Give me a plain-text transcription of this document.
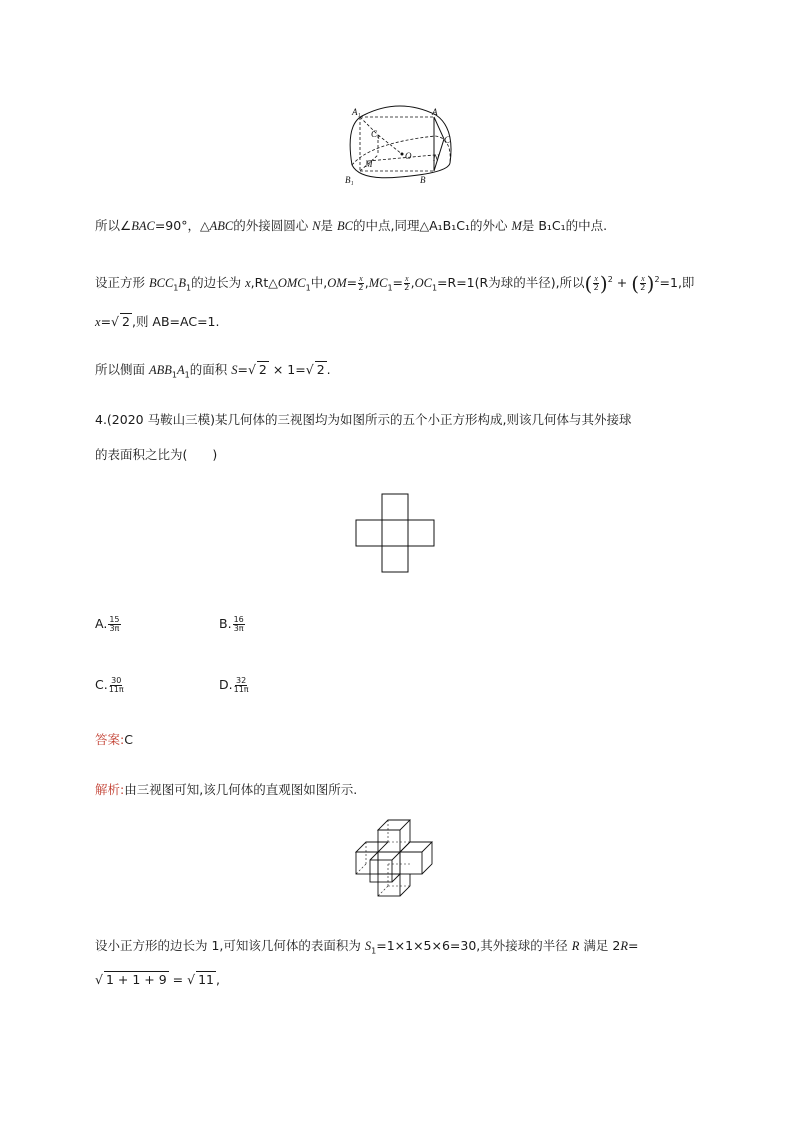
A₁	A
C₁
C
O
M
N
B₁	B
所以∠BAC=90°，△ABC的外接圆圆心 N是 BC的中点,同理△A₁B₁C₁的外心 M是 B₁C₁的中点.
设正方形 $BCC_1B_1$的边长为 $x,Rt\triangle OMC_1$中$,OM= \frac{x}{2} ,MC_1= \frac{x}{2} ,OC_1=R=1(R$为球的半径),所以( $\frac{x}{2} )^2$ + ( $\frac{x}{2} )^2=1$,即
x=√ 2 ,则 AB=AC=1.
所以侧面 $ABB_1A_1$的面积 S=√ 2 × 1=√ 2 .
4.(2020 马鞍山三模)某几何体的三视图均为如图所示的五个小正方形构成,则该几何体与其外接球
的表面积之比为(　　)
A. $\frac{15}{3\pi}$	B. $\frac{16}{3\pi}$
C. $\frac{30}{11\pi}$	D. $\frac{32}{11\pi}$
答案:C
解析:由三视图可知,该几何体的直观图如图所示.
设小正方形的边长为 1,可知该几何体的表面积为 $S_1=1\times 1\times 5\times 6=30$,其外接球的半径 R 满足 2R=
√ 1 + 1 + 9 = √ 11 ,
